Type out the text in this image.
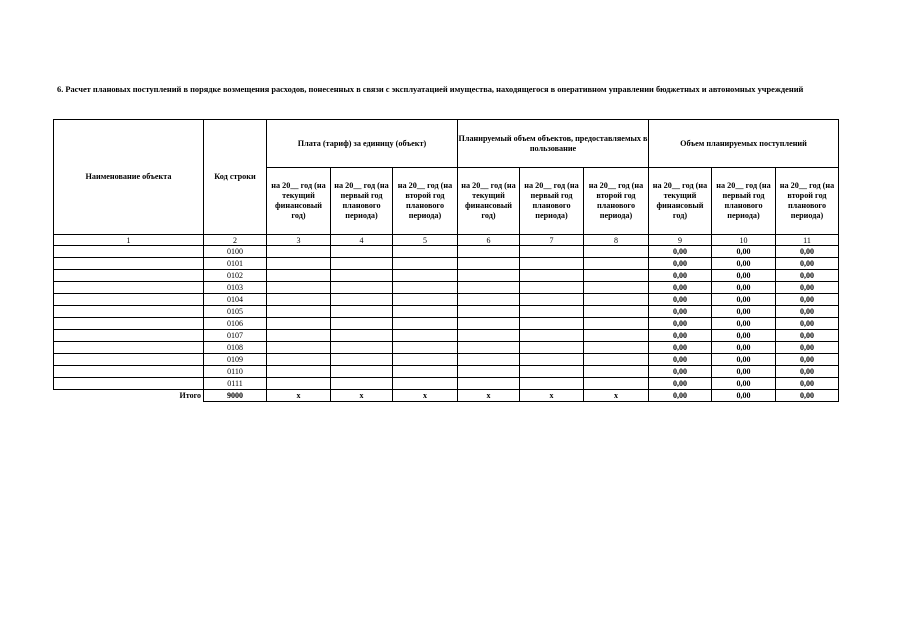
6. Расчет плановых поступлений в порядке возмещения расходов, понесенных в связи с эксплуатацией имущества, находящегося в оперативном управлении бюджетных и автономных учреждений
Наименование объекта	Код строки	Плата (тариф) за единицу (объект)			Планируемый объем объектов, предоставляемых в пользование			Объем планируемых поступлений		
		на 20__ год (на текущий финансовый год)	на 20__ год (на первый год планового периода)	на 20__ год (на второй год планового периода)	на 20__ год (на текущий финансовый год)	на 20__ год (на первый год планового периода)	на 20__ год (на второй год планового периода)	на 20__ год (на текущий финансовый год)	на 20__ год (на первый год планового периода)	на 20__ год (на второй год планового периода)
1	2	3	4	5	6	7	8	9	10	11
	0100							0,00	0,00	0,00
	0101							0,00	0,00	0,00
	0102							0,00	0,00	0,00
	0103							0,00	0,00	0,00
	0104							0,00	0,00	0,00
	0105							0,00	0,00	0,00
	0106							0,00	0,00	0,00
	0107							0,00	0,00	0,00
	0108							0,00	0,00	0,00
	0109							0,00	0,00	0,00
	0110							0,00	0,00	0,00
	0111							0,00	0,00	0,00
Итого	9000	x	x	x	x	x	x	0,00	0,00	0,00
